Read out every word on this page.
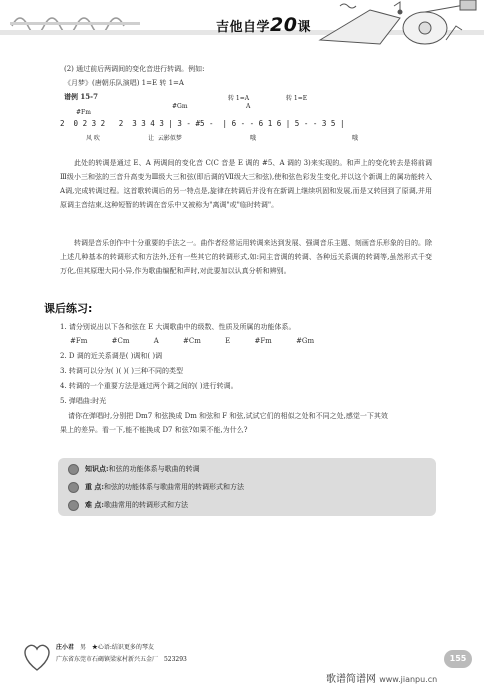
吉他自学20课
(2) 通过前后两调间的变化音进行转调。例如:
《月梦》(唐朝乐队演唱) 1=E 转 1=A
谱例 15-7
#Fm
#Gm	A
转 1=A	转 1=E
2  0 2 3 2   2  3 3 4 3 | 3 - #5 -  | 6 - - 6 1 6 | 5 - - 3 5 |
风 吹	让  云影似梦	哦	哦

此处的转调是通过 E、A 两调间的变化音 C(C 音是 E 调的 #5、A 调的 3)来实现的。和声上的变化转去是将前调Ⅲ级小三和弦的三音升高变为Ⅲ级大三和弦(即后调的Ⅶ级大三和弦),使和弦色彩发生变化,并以这个新调上的属功能转入A调,完成转调过程。这首歌转调后的另一特点是,旋律在转调后并没有在新调上继续巩固和发展,而是又转回到了原调,并用原调主音结束,这种短暂的转调在音乐中又被称为"离调"或"临时转调"。

转调是音乐创作中十分重要的手法之一。曲作者经常运用转调来达到发展、强调音乐主题、刻画音乐形象的目的。除上述几种基本的转调形式和方法外,还有一些其它的转调形式,如:同主音调的转调、各种远关系调的转调等,虽然形式千变万化,但其原理大同小异,作为歌曲编配和声时,对此要加以认真分析和辨别。

课后练习:
1. 请分别说出以下各和弦在 E 大调歌曲中的级数、性质及所属的功能体系。
#Fm	#Cm	A	#Cm	E	#Fm	#Gm
2. D 调的近关系调是( )调和( )调
3. 转调可以分为( )( )( )三种不同的类型
4. 转调的一个重要方法是通过两个调之间的( )进行转调。
5. 弹唱曲:时光
请你在弹唱时,分别把 Dm7 和弦换成 Dm 和弦和 F 和弦,试试它们的相似之处和不同之处,感觉一下其效
果上的差异。看一下,能不能换成 D7 和弦?如果不能,为什么?
知识点:和弦的功能体系与歌曲的转调
重 点:和弦的功能体系与歌曲常用的转调形式和方法
难 点:歌曲常用的转调形式和方法
庄小君 男 ★心语:结识更多的琴友
广东省东莞市石碣镇梁家村新兴五金厂 523293	155
歌谱简谱网 www.jianpu.cn
